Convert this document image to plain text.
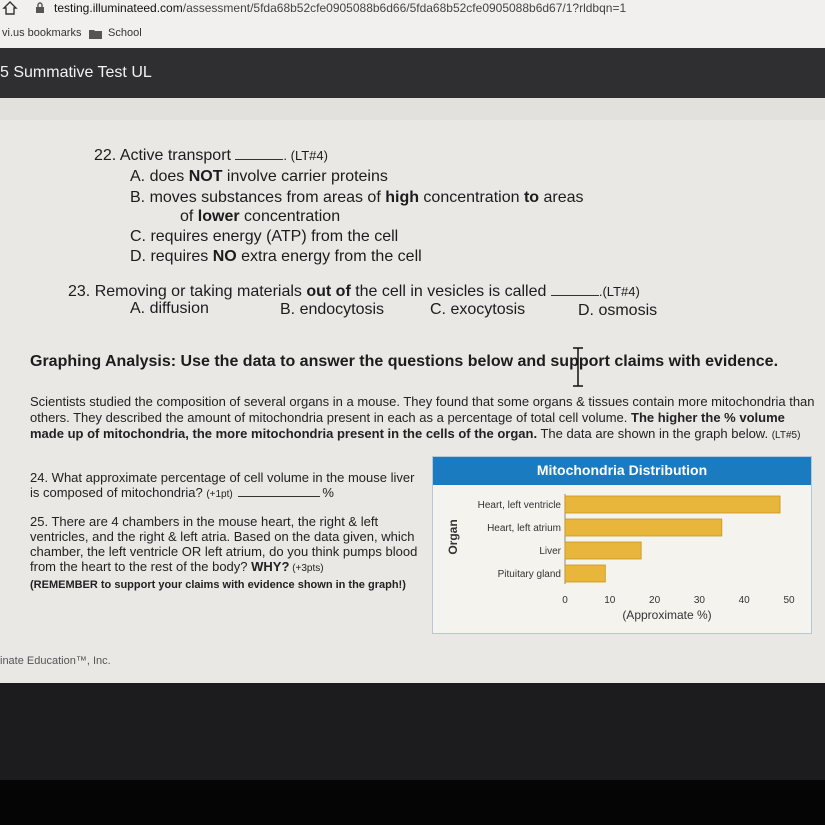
testing.illuminateed.com/assessment/5fda68b52cfe0905088b6d66/5fda68b52cfe0905088b6d67/1?rldbqn=1
vi.us bookmarks School
5 Summative Test UL
22. Active transport	. (LT#4)
A. does NOT involve carrier proteins
B. moves substances from areas of high concentration to areas
of lower concentration
C. requires energy (ATP) from the cell
D. requires NO extra energy from the cell
23. Removing or taking materials out of the cell in vesicles is called	.(LT#4)
A. diffusion	B. endocytosis	C. exocytosis	D. osmosis
Graphing Analysis: Use the data to answer the questions below and support claims with evidence.
Scientists studied the composition of several organs in a mouse. They found that some organs & tissues contain more mitochondria than others. They described the amount of mitochondria present in each as a percentage of total cell volume. The higher the % volume made up of mitochondria, the more mitochondria present in the cells of the organ. The data are shown in the graph below. (LT#5)
24. What approximate percentage of cell volume in the mouse liver is composed of mitochondria? (+1pt)	%
25. There are 4 chambers in the mouse heart, the right & left ventricles, and the right & left atria. Based on the data given, which chamber, the left ventricle OR left atrium, do you think pumps blood from the heart to the rest of the body? WHY? (+3pts)
(REMEMBER to support your claims with evidence shown in the graph!)
Mitochondria Distribution
Organ
Heart, left ventricle
Heart, left atrium
Liver
Pituitary gland
0	10	20	30	40	50
(Approximate %)
inate Education™, Inc.
